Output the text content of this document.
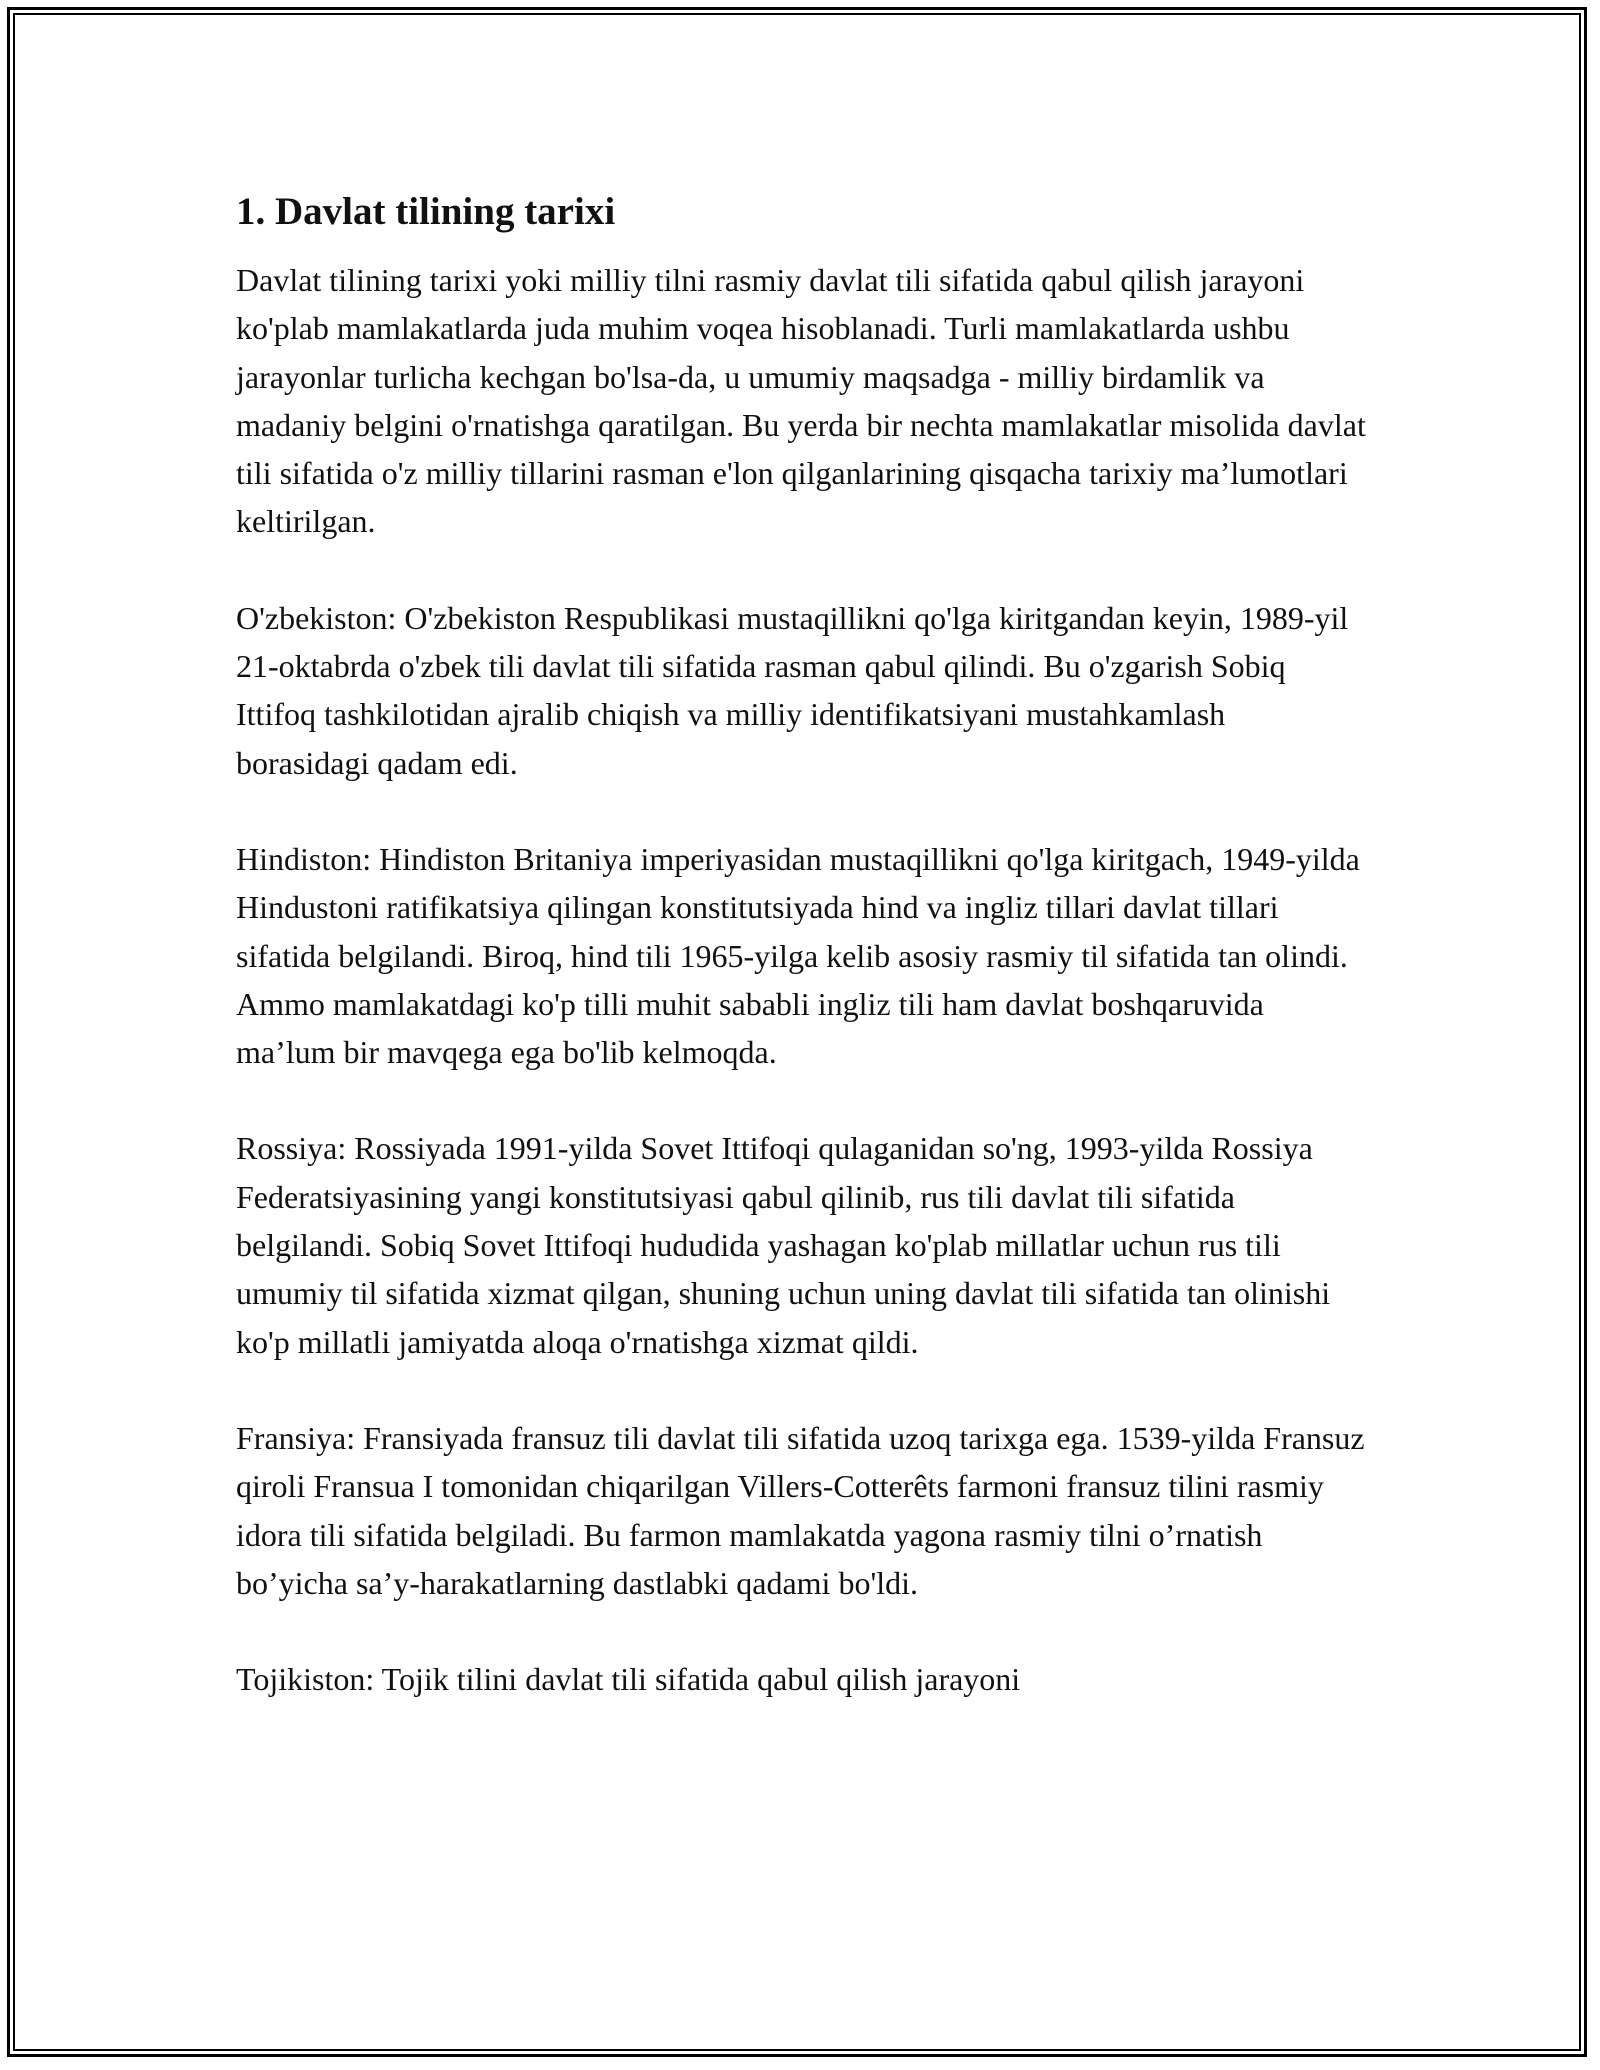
1. Davlat tilining tarixi

Davlat tilining tarixi yoki milliy tilni rasmiy davlat tili sifatida qabul qilish jarayoni ko'plab mamlakatlarda juda muhim voqea hisoblanadi. Turli mamlakatlarda ushbu jarayonlar turlicha kechgan bo'lsa-da, u umumiy maqsadga - milliy birdamlik va madaniy belgini o'rnatishga qaratilgan. Bu yerda bir nechta mamlakatlar misolida davlat tili sifatida o'z milliy tillarini rasman e'lon qilganlarining qisqacha tarixiy ma’lumotlari keltirilgan.

O'zbekiston: O'zbekiston Respublikasi mustaqillikni qo'lga kiritgandan keyin, 1989-yil 21-oktabrda o'zbek tili davlat tili sifatida rasman qabul qilindi. Bu o'zgarish Sobiq Ittifoq tashkilotidan ajralib chiqish va milliy identifikatsiyani mustahkamlash borasidagi qadam edi.

Hindiston: Hindiston Britaniya imperiyasidan mustaqillikni qo'lga kiritgach, 1949-yilda Hindustoni ratifikatsiya qilingan konstitutsiyada hind va ingliz tillari davlat tillari sifatida belgilandi. Biroq, hind tili 1965-yilga kelib asosiy rasmiy til sifatida tan olindi. Ammo mamlakatdagi ko'p tilli muhit sababli ingliz tili ham davlat boshqaruvida ma’lum bir mavqega ega bo'lib kelmoqda.

Rossiya: Rossiyada 1991-yilda Sovet Ittifoqi qulaganidan so'ng, 1993-yilda Rossiya Federatsiyasining yangi konstitutsiyasi qabul qilinib, rus tili davlat tili sifatida belgilandi. Sobiq Sovet Ittifoqi hududida yashagan ko'plab millatlar uchun rus tili umumiy til sifatida xizmat qilgan, shuning uchun uning davlat tili sifatida tan olinishi ko'p millatli jamiyatda aloqa o'rnatishga xizmat qildi.

Fransiya: Fransiyada fransuz tili davlat tili sifatida uzoq tarixga ega. 1539-yilda Fransuz qiroli Fransua I tomonidan chiqarilgan Villers-Cotterêts farmoni fransuz tilini rasmiy idora tili sifatida belgiladi. Bu farmon mamlakatda yagona rasmiy tilni o’rnatish bo’yicha sa’y-harakatlarning dastlabki qadami bo'ldi.

Tojikiston: Tojik tilini davlat tili sifatida qabul qilish jarayoni
